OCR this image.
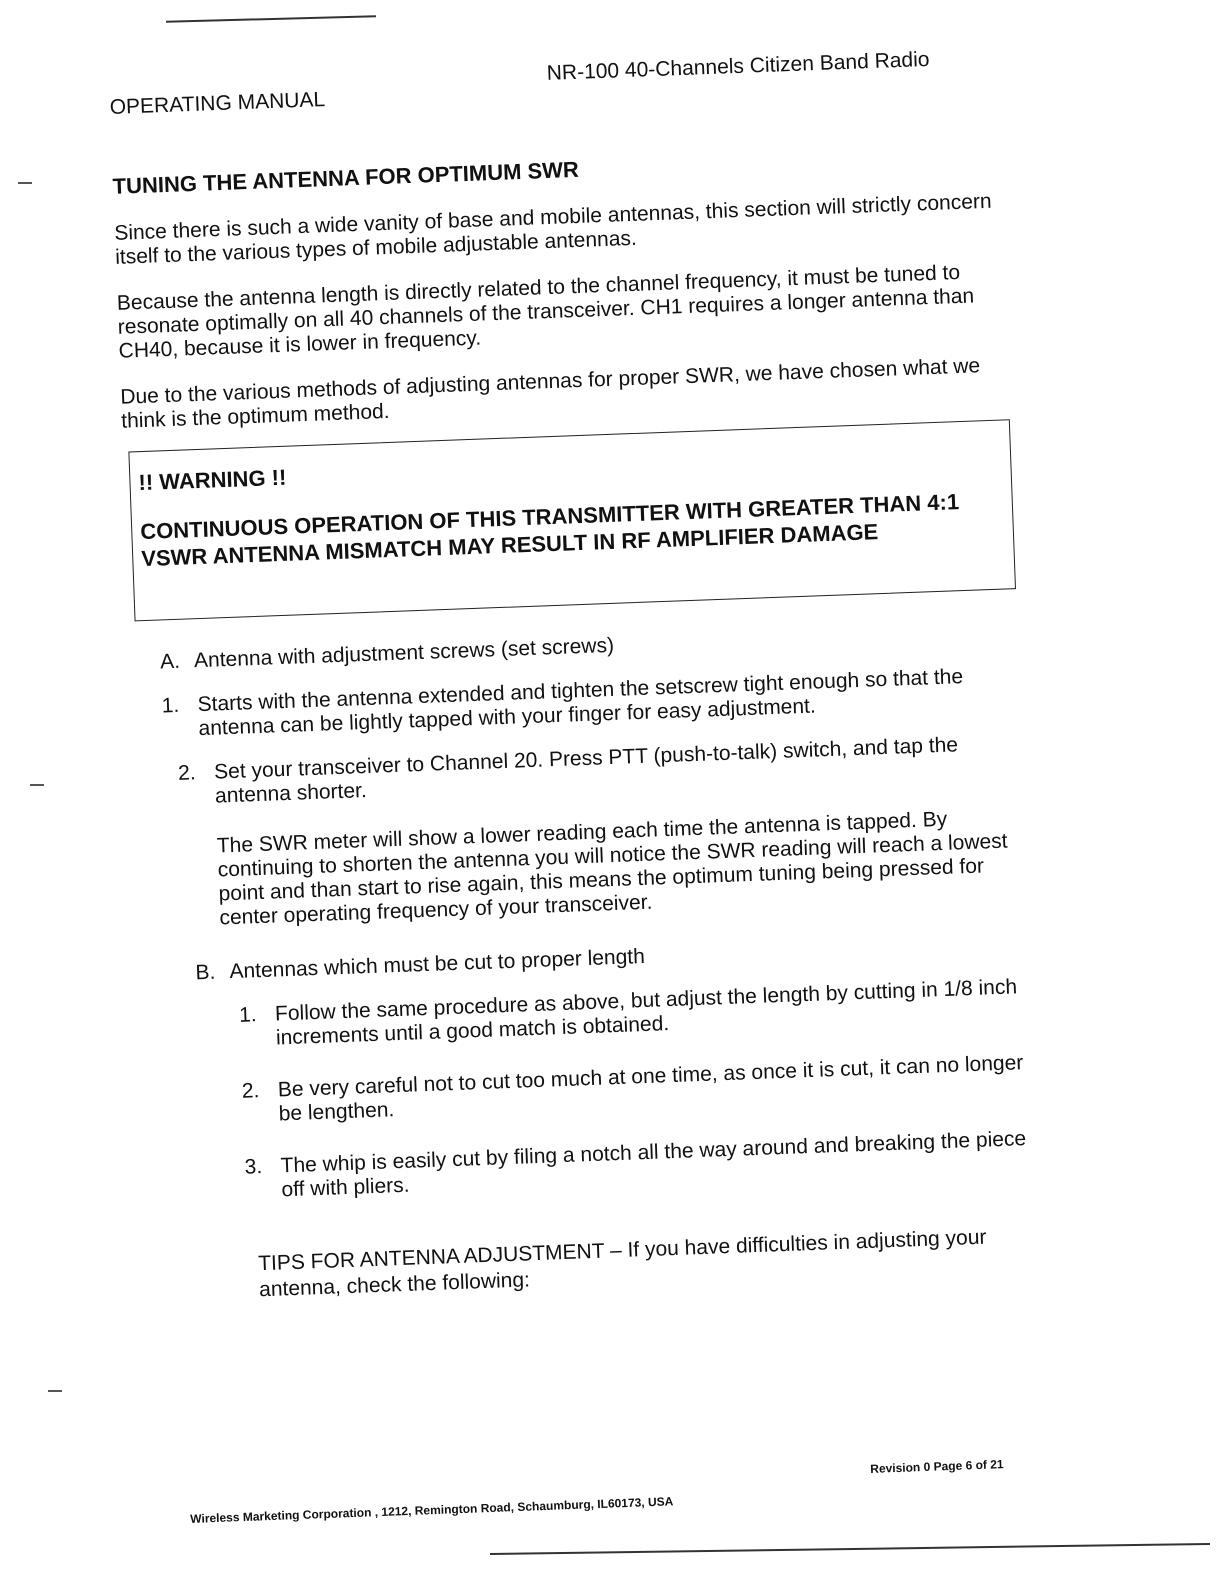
OPERATING MANUAL
NR-100 40-Channels Citizen Band Radio
TUNING THE ANTENNA FOR OPTIMUM SWR

Since there is such a wide vanity of base and mobile antennas, this section will strictly concern itself to the various types of mobile adjustable antennas.

Because the antenna length is directly related to the channel frequency, it must be tuned to resonate optimally on all 40 channels of the transceiver. CH1 requires a longer antenna than CH40, because it is lower in frequency.

Due to the various methods of adjusting antennas for proper SWR, we have chosen what we think is the optimum method.

!! WARNING !!
CONTINUOUS OPERATION OF THIS TRANSMITTER WITH GREATER THAN 4:1 VSWR ANTENNA MISMATCH MAY RESULT IN RF AMPLIFIER DAMAGE
A. Antenna with adjustment screws (set screws)
1. Starts with the antenna extended and tighten the setscrew tight enough so that the antenna can be lightly tapped with your finger for easy adjustment.
2. Set your transceiver to Channel 20. Press PTT (push-to-talk) switch, and tap the antenna shorter.
The SWR meter will show a lower reading each time the antenna is tapped. By continuing to shorten the antenna you will notice the SWR reading will reach a lowest point and than start to rise again, this means the optimum tuning being pressed for center operating frequency of your transceiver.
B. Antennas which must be cut to proper length
1. Follow the same procedure as above, but adjust the length by cutting in 1/8 inch increments until a good match is obtained.
2. Be very careful not to cut too much at one time, as once it is cut, it can no longer be lengthen.
3. The whip is easily cut by filing a notch all the way around and breaking the piece off with pliers.
TIPS FOR ANTENNA ADJUSTMENT – If you have difficulties in adjusting your antenna, check the following:
Revision 0 Page 6 of 21
Wireless Marketing Corporation , 1212, Remington Road, Schaumburg, IL60173, USA
